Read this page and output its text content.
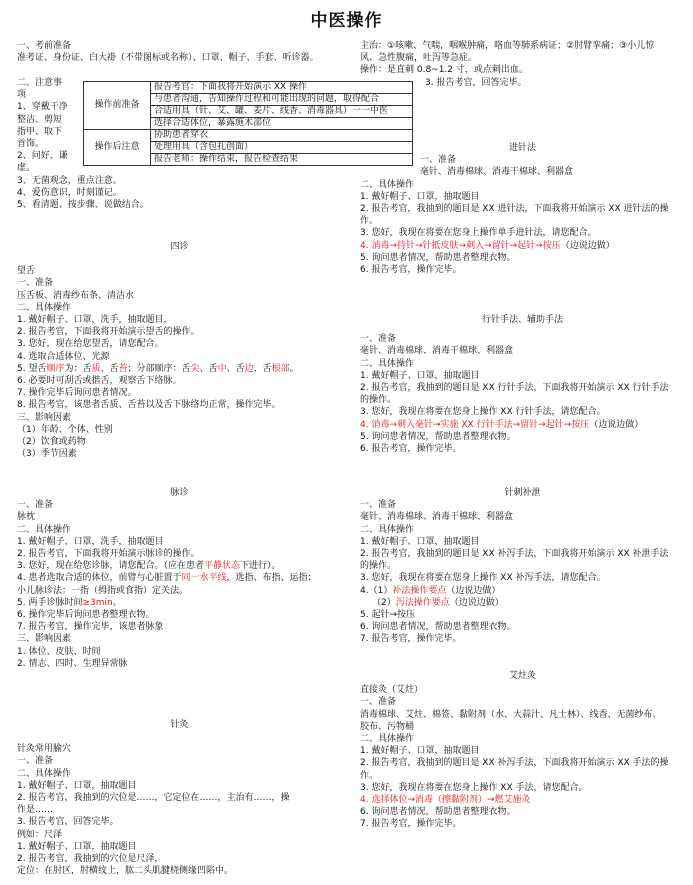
中医操作
一、考前准备
准考证、身份证、白大褂（不带图标或名称）、口罩、帽子、手套、听诊器。
二、注意事
项
1、穿戴干净
整洁、剪短
指甲、取下
首饰。
2、问好、谦
虚。
3、无菌观念，重点注意。
4、爱伤意识，时刻谨记。
5、看清题、按步骤、说做结合。
操作前准备	报告考官：下面我将开始演示 XX 操作
	与患者沟通，告知操作过程和可能出现的问题，取得配合
	合适用具（针、艾、罐、姜片、线香、消毒器具）一一中医
	选择合适体位，暴露施术部位
操作后注意	协助患者穿衣
	处理用具（含包扎创面）
	报告老师：操作结束，报告检查结果
四诊
望舌
一、准备
压舌板、消毒纱布条、清洁水
二、具体操作
1. 戴好帽子、口罩，洗手，抽取题目，
2. 报告考官，下面我将开始演示望舌的操作。
3. 您好，现在给您望舌，请您配合。
4. 选取合适体位、光源
5. 望舌顺序为：舌质、舌苔；分部顺序：舌尖、舌中、舌边、舌根部。
6. 必要时可刮舌或揩舌，观察舌下络脉。
7. 操作完毕后询问患者情况。
8. 报告考官，该患者舌质、舌苔以及舌下脉络均正常，操作完毕。
三、影响因素
（1）年龄、个体、性别
（2）饮食或药物
（3）季节因素
脉诊
一、准备
脉枕
二、具体操作
1. 戴好帽子、口罩，洗手，抽取题目
2. 报告考官，下面我将开始演示脉诊的操作。
3. 您好，现在给您诊脉，请您配合。（应在患者平静状态下进行）。
4. 患者选取合适的体位，前臂与心脏置于同一水平线，选指、布指、运指；
小儿脉诊法：一指（拇指或食指）定关法。
5. 两手诊脉时间≥3min。
6. 操作完毕后询问患者整理衣物。
7. 报告考官，操作完毕，该患者脉象
三、影响因素
1. 体位、皮肤、时间
2. 情志、四时、生理异常脉
针灸
针灸常用腧穴
一、准备
二、具体操作
1. 戴好帽子、口罩，抽取题目
2. 报告考官，我抽到的穴位是……，它定位在……，主治有……，操
作是……
3. 报告考官，回答完毕。
例如：尺泽
1. 戴好帽子、口罩，抽取题目
2. 报告考官，我抽到的穴位是尺泽，
定位：在肘区，肘横纹上，肱二头肌腱桡侧缘凹陷中。
主治：①咳嗽、气喘，咽喉肿痛，咯血等肺系病证；②肘臂挛痛；③小儿惊
风、急性腹痛，吐泻等急症。
操作：是直刺 0.8~1.2 寸，或点刺出血。
3. 报告考官，回答完毕。
进针法
一、准备
毫针、消毒棉球、消毒干棉球、利器盒
二、具体操作
1. 戴好帽子、口罩，抽取题目
2. 报告考官，我抽到的题目是 XX 进针法，下面我将开始演示 XX 进针法的操
作。
3. 您好，我现在将要在您身上操作单手进针法，请您配合。
4. 消毒→持针→针抵皮肤→刺入→留针→起针→按压（边说边做）
5. 询问患者情况，帮助患者整理衣物。
6. 报告考官，操作完毕。
行针手法、辅助手法
一、准备
毫针、消毒棉球、消毒干棉球、利器盒
二、具体操作
1. 戴好帽子、口罩，抽取题目
2. 报告考官，我抽到的题目是 XX 行针手法，下面我将开始演示 XX 行针手法
的操作。
3. 您好，我现在将要在您身上操作 XX 行针手法，请您配合。
4. 消毒→刺入毫针→实施 XX 行针手法→留针→起针→按压（边说边做）
5. 询问患者情况，帮助患者整理衣物。
6. 报告考官，操作完毕。
针刺补泄
一、准备
毫针、消毒棉球、消毒干棉球、利器盒
二、具体操作
1. 戴好帽子、口罩，抽取题目
2. 报告考官，我抽到的题目是 XX 补泻手法，下面我将开始演示 XX 补泄手法
的操作。
3. 您好，我现在将要在您身上操作 XX 补泻手法，请您配合。
4.（1）补法操作要点（边说边做）
（2）泻法操作要点（边说边做）
5. 起针→按压
6. 询问患者情况，帮助患者整理衣物。
7. 报告考官，操作完毕。
艾炷灸
直接灸（艾炷）
一、准备
消毒棉球、艾炷、棉签、黏附剂（水、大蒜汁、凡士林）、线香、无菌纱布、
胶布、污物桶
二、具体操作
1. 戴好帽子、口罩，抽取题目
2. 报告考官，我抽到的题目是 XX 补泻手法，下面我将开始演示 XX 手法的操
作。
3. 您好，我现在将要在您身上操作 XX 手法，请您配合。
4. 选择体位→消毒（擦黏附剂）→燃艾施灸
6. 询问患者情况，帮助患者整理衣物。
7. 报告考官，操作完毕。
